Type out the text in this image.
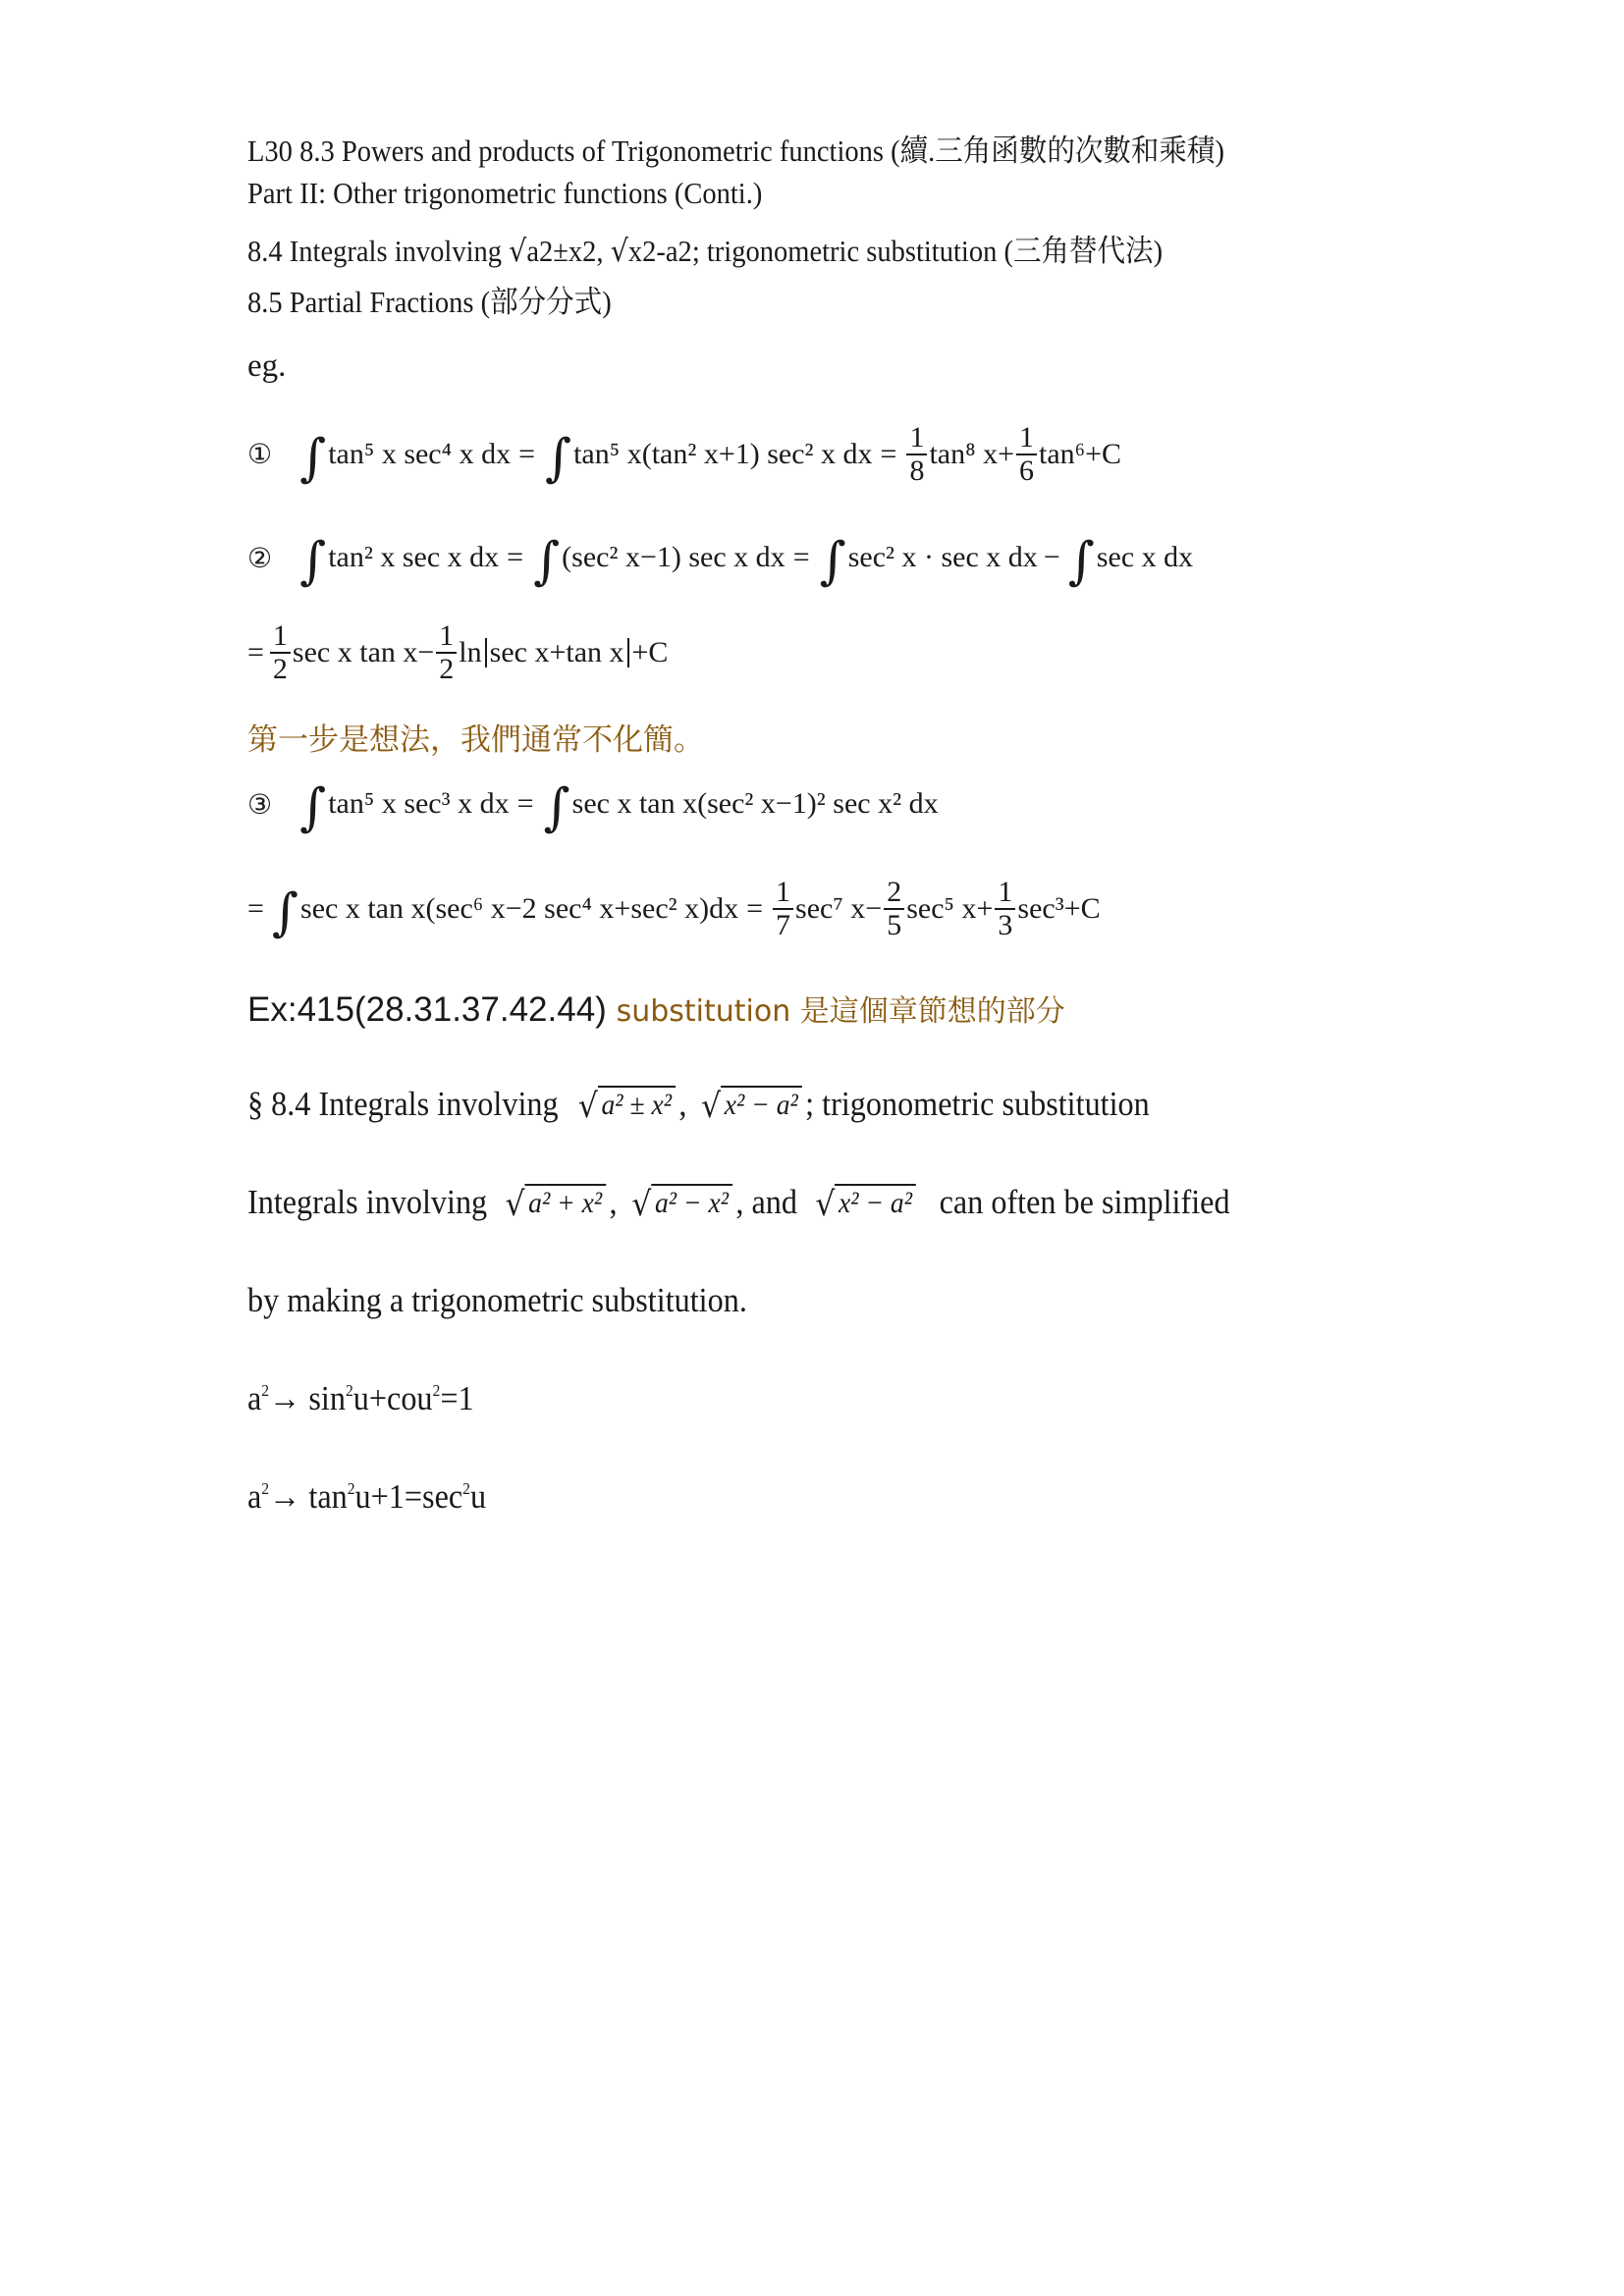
L30 8.3 Powers and products of Trigonometric functions (續.三角函數的次數和乘積)
Part II: Other trigonometric functions (Conti.)
8.4 Integrals involving √a2±x2, √x2-a2; trigonometric substitution (三角替代法)
8.5 Partial Fractions (部分分式)
eg.
① ∫ tan⁵ x sec⁴ x dx = ∫ tan⁵ x(tan² x+1) sec² x dx = $\frac{1}{8} \tan^8$ $x+ \frac{1}{6} \tan^6+C$
② ∫ tan² x sec x dx = ∫ (sec² x−1) sec x dx = ∫ sec² x · sec x dx − ∫ sec x dx
= $\frac{1}{2}$ sec x $\tan x- \frac{1}{2}$ ln sec x+tan x +C
第一步是想法，我們通常不化簡。
③ ∫ tan⁵ x sec³ x dx = ∫ sec x tan x(sec² x−1)² sec x² dx
= ∫ sec x tan x(sec⁶ x−2 sec⁴ x+sec² $x)dx = \frac{1}{7} \sec^7$ $x- \frac{2}{5} \sec^5$ $x+ \frac{1}{3} \sec^3+C$
Ex:415(28.31.37.42.44) substitution 是這個章節想的部分
§ 8.4 Integrals involving √ a² ± x² , √ x² − a² ; trigonometric substitution
Integrals involving √ a² + x² , √ a² − x² , and √ x² − a² can often be simplified
by making a trigonometric substitution.
$a^2\to \sin^2u+cou^2=1$
$a^2\to \tan^2u+1=\sec^2u$
